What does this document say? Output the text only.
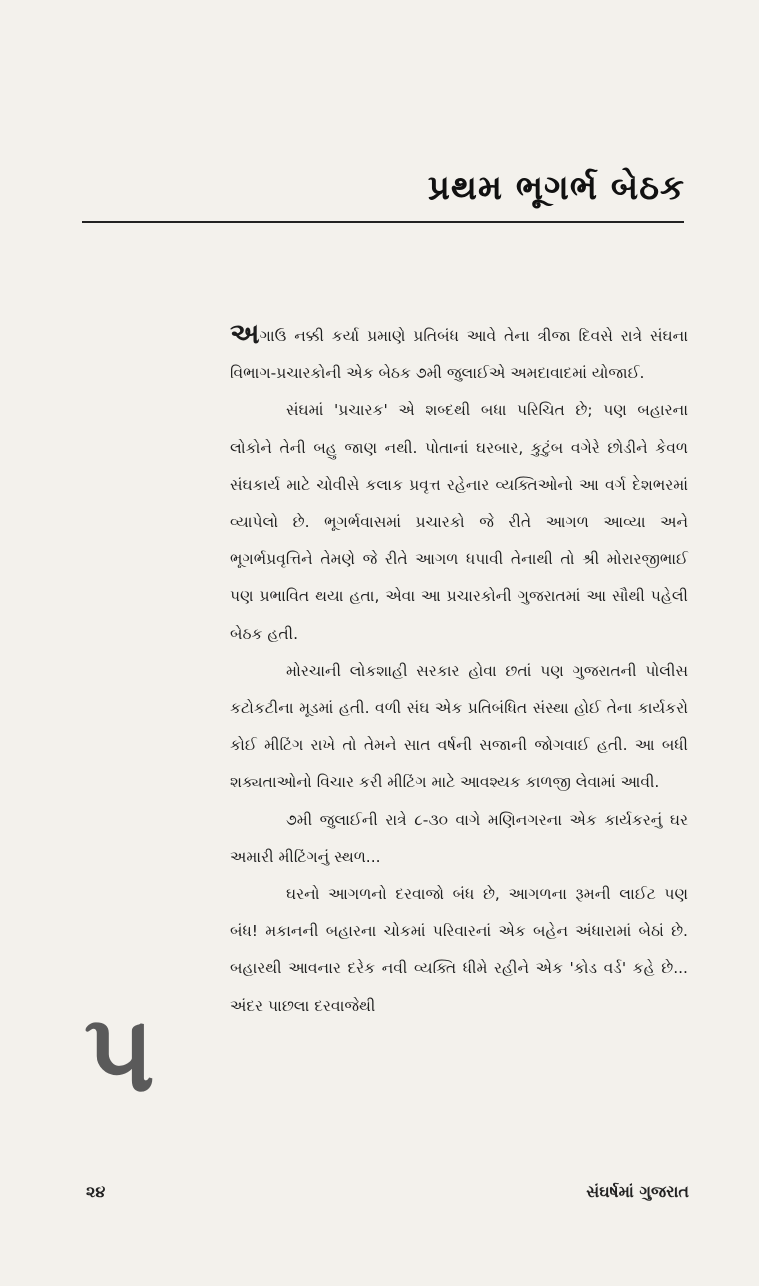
પ્રથમ ભૂગર્ભ બેઠક

અગાઉ નક્કી કર્યા પ્રમાણે પ્રતિબંધ આવે તેના ત્રીજા દિવસે રાત્રે સંઘના વિભાગ-પ્રચારકોની એક બેઠક ૭મી જુલાઈએ અમદાવાદમાં યોજાઈ.

સંઘમાં 'પ્રચારક' એ શબ્દથી બધા પરિચિત છે; પણ બહારના લોકોને તેની બહુ જાણ નથી. પોતાનાં ઘરબાર, કુટુંબ વગેરે છોડીને કેવળ સંઘકાર્ય માટે ચોવીસે કલાક પ્રવૃત્ત રહેનાર વ્યક્તિઓનો આ વર્ગ દેશભરમાં વ્યાપેલો છે. ભૂગર્ભવાસમાં પ્રચારકો જે રીતે આગળ આવ્યા અને ભૂગર્ભપ્રવૃત્તિને તેમણે જે રીતે આગળ ધપાવી તેનાથી તો શ્રી મોરારજીભાઈ પણ પ્રભાવિત થયા હતા, એવા આ પ્રચારકોની ગુજરાતમાં આ સૌથી પહેલી બેઠક હતી.

મોરચાની લોકશાહી સરકાર હોવા છતાં પણ ગુજરાતની પોલીસ કટોકટીના મૂડમાં હતી. વળી સંઘ એક પ્રતિબંધિત સંસ્થા હોઈ તેના કાર્યકરો કોઈ મીટિંગ રાખે તો તેમને સાત વર્ષની સજાની જોગવાઈ હતી. આ બધી શક્યતાઓનો વિચાર કરી મીટિંગ માટે આવશ્યક કાળજી લેવામાં આવી.

૭મી જુલાઈની રાત્રે ૮-૩૦ વાગે મણિનગરના એક કાર્યકરનું ઘર અમારી મીટિંગનું સ્થળ...

ઘરનો આગળનો દરવાજો બંધ છે, આગળના રૂમની લાઈટ પણ બંધ! મકાનની બહારના ચોકમાં પરિવારનાં એક બહેન અંધારામાં બેઠાં છે. બહારથી આવનાર દરેક નવી વ્યક્તિ ધીમે રહીને એક 'કોડ વર્ડ' કહે છે... અંદર પાછલા દરવાજેથી

૫
૨૪	સંઘર્ષમાં ગુજરાત
